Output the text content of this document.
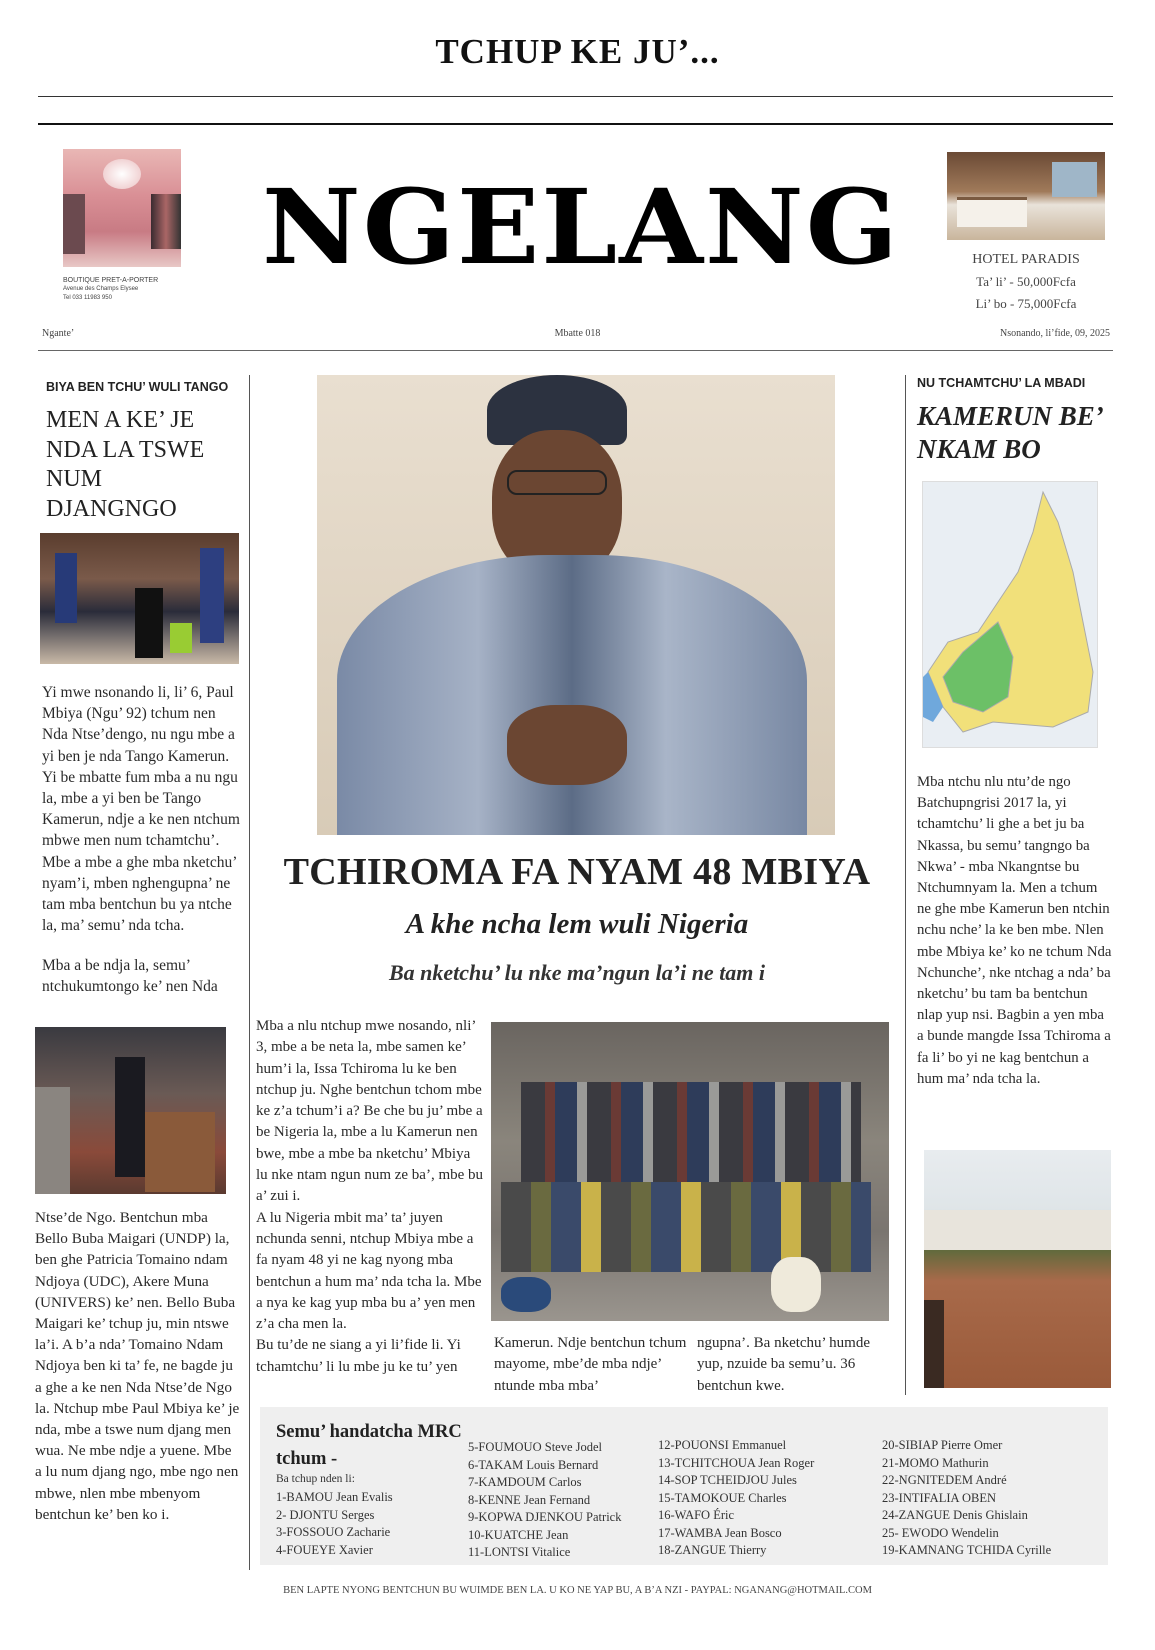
TCHUP KE JU’...
BOUTIQUE PRET-A-PORTER
Avenue des Champs Elysee
Tel 033 11983 950
NGELANG	HOTEL PARADIS
Ta’ li’ - 50,000Fcfa
Li’ bo - 75,000Fcfa
Ngante’	Mbatte 018	Nsonando, li’fide, 09, 2025
BIYA BEN TCHU’ WULI TANGO
MEN A KE’ JE NDA LA TSWE NUM DJANGNGO
Yi mwe nsonando li, li’ 6, Paul Mbiya (Ngu’ 92) tchum nen Nda Ntse’dengo, nu ngu mbe a yi ben je nda Tango Kamerun. Yi be mbatte fum mba a nu ngu la, mbe a yi ben be Tango Kamerun, ndje a ke nen ntchum mbwe men num tchamtchu’. Mbe a mbe a ghe mba nketchu’ nyam’i, mben nghengupna’ ne tam mba bentchun bu ya ntche la, ma’ semu’ nda tcha.
Mba a be ndja la, semu’ ntchukumtongo ke’ nen Nda
Ntse’de Ngo. Bentchun mba Bello Buba Maigari (UNDP) la, ben ghe Patricia Tomaino ndam Ndjoya (UDC), Akere Muna (UNIVERS) ke’ nen. Bello Buba Maigari ke’ tchup ju, min ntswe la’i. A b’a nda’ Tomaino Ndam Ndjoya ben ki ta’ fe, ne bagde ju a ghe a ke nen Nda Ntse’de Ngo la. Ntchup mbe Paul Mbiya ke’ je nda, mbe a tswe num djang men wua. Ne mbe ndje a yuene. Mbe a lu num djang ngo, mbe ngo nen mbwe, nlen mbe mbenyom bentchun ke’ ben ko i.
TCHIROMA FA NYAM 48 MBIYA
A khe ncha lem wuli Nigeria
Ba nketchu’ lu nke ma’ngun la’i ne tam i
Mba a nlu ntchup mwe nosando, nli’ 3, mbe a be neta la, mbe samen ke’ hum’i la, Issa Tchiroma lu ke ben ntchup ju. Nghe bentchun tchom mbe ke z’a tchum’i a? Be che bu ju’ mbe a be Nigeria la, mbe a lu Kamerun nen bwe, mbe a mbe ba nketchu’ Mbiya lu nke ntam ngun num ze ba’, mbe bu a’ zui i.
A lu Nigeria mbit ma’ ta’ juyen nchunda senni, ntchup Mbiya mbe a fa nyam 48 yi ne kag nyong mba bentchun a hum ma’ nda tcha la. Mbe a nya ke kag yup mba bu a’ yen men z’a cha men la.
Bu tu’de ne siang a yi li’fide li. Yi tchamtchu’ li lu mbe ju ke tu’ yen
Kamerun. Ndje bentchun tchum mayome, mbe’de mba ndje’ ntunde mba mba’
ngupna’. Ba nketchu’ humde yup, nzuide ba semu’u. 36 bentchun kwe.
NU TCHAMTCHU’ LA MBADI
KAMERUN BE’ NKAM BO
Mba ntchu nlu ntu’de ngo Batchupngrisi 2017 la, yi tchamtchu’ li ghe a bet ju ba Nkassa, bu semu’ tangngo ba Nkwa’ - mba Nkangntse bu Ntchumnyam la. Men a tchum ne ghe mbe Kamerun ben ntchin nchu nche’ la ke ben mbe. Nlen mbe Mbiya ke’ ko ne tchum Nda Nchunche’, nke ntchag a nda’ ba nketchu’ bu tam ba bentchun nlap yup nsi. Bagbin a yen mba a bunde mangde Issa Tchiroma a fa li’ bo yi ne kag bentchun a hum ma’ nda tcha la.
Semu’ handatcha MRC tchum -
Ba tchup nden li:
1-BAMOU Jean Evalis
2- DJONTU Serges
3-FOSSOUO Zacharie
4-FOUEYE Xavier
5-FOUMOUO Steve Jodel
6-TAKAM Louis Bernard
7-KAMDOUM Carlos
8-KENNE Jean Fernand
9-KOPWA DJENKOU Patrick
10-KUATCHE Jean
11-LONTSI Vitalice
12-POUONSI Emmanuel
13-TCHITCHOUA Jean Roger
14-SOP TCHEIDJOU Jules
15-TAMOKOUE Charles
16-WAFO Éric
17-WAMBA Jean Bosco
18-ZANGUE Thierry
20-SIBIAP Pierre Omer
21-MOMO Mathurin
22-NGNITEDEM André
23-INTIFALIA OBEN
24-ZANGUE Denis Ghislain
25- EWODO Wendelin
19-KAMNANG TCHIDA Cyrille
BEN LAPTE NYONG BENTCHUN BU WUIMDE BEN LA. U KO NE YAP BU, A B’A NZI - PAYPAL: NGANANG@HOTMAIL.COM
